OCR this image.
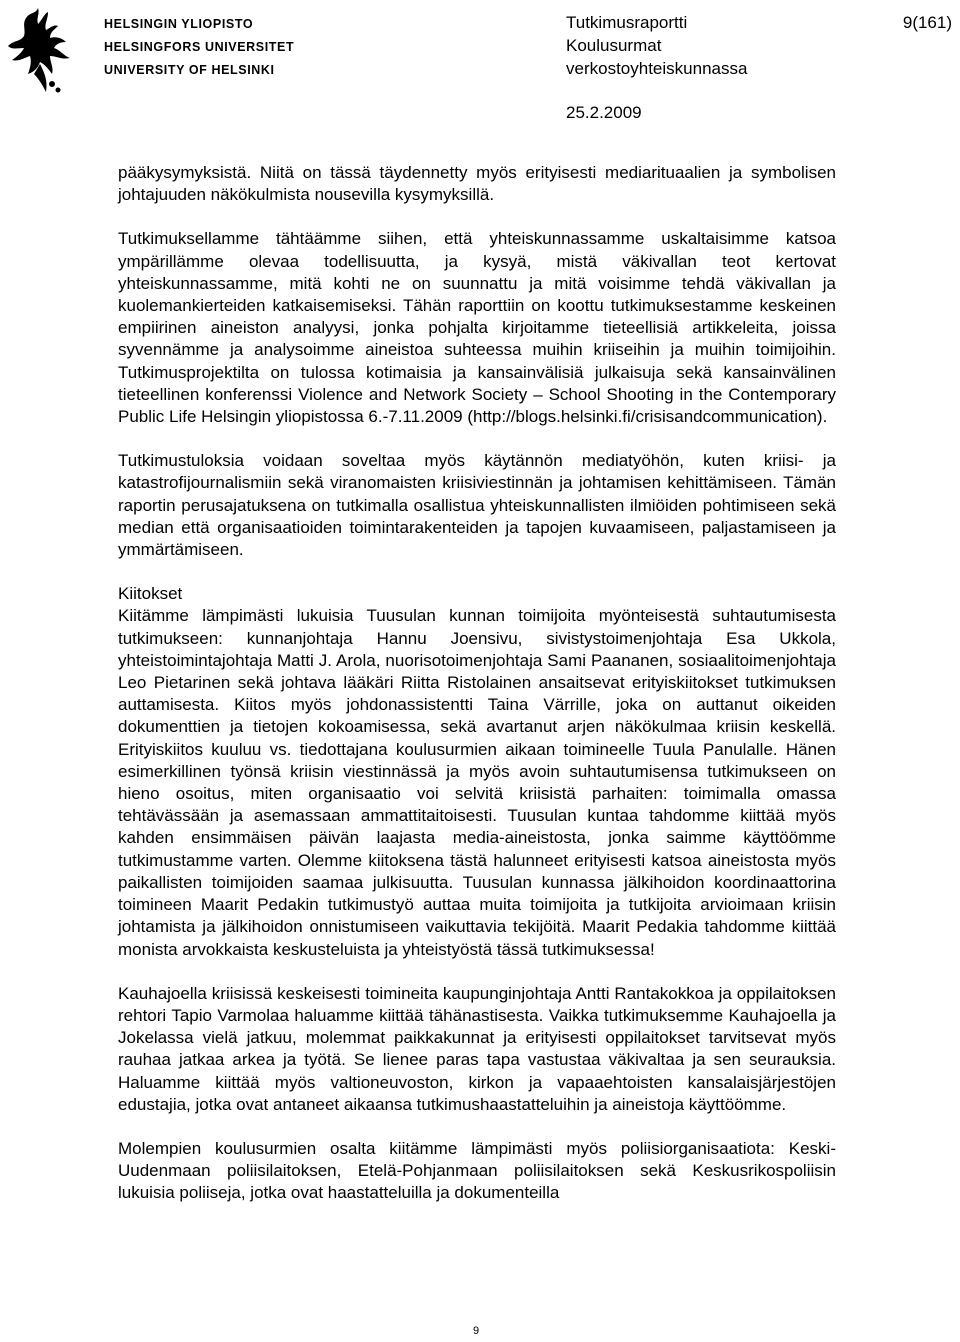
HELSINGIN YLIOPISTO
HELSINGFORS UNIVERSITET
UNIVERSITY OF HELSINKI
Tutkimusraportti
Koulusurmat
verkostoyhteiskunnassa
25.2.2009
9(161)

pääkysymyksistä. Niitä on tässä täydennetty myös erityisesti mediarituaalien ja symbolisen johtajuuden näkökulmista nousevilla kysymyksillä.

Tutkimuksellamme tähtäämme siihen, että yhteiskunnassamme uskaltaisimme katsoa ympärillämme olevaa todellisuutta, ja kysyä, mistä väkivallan teot kertovat yhteiskunnassamme, mitä kohti ne on suunnattu ja mitä voisimme tehdä väkivallan ja kuolemankierteiden katkaisemiseksi. Tähän raporttiin on koottu tutkimuksestamme keskeinen empiirinen aineiston analyysi, jonka pohjalta kirjoitamme tieteellisiä artikkeleita, joissa syvennämme ja analysoimme aineistoa suhteessa muihin kriiseihin ja muihin toimijoihin. Tutkimusprojektilta on tulossa kotimaisia ja kansainvälisiä julkaisuja sekä kansainvälinen tieteellinen konferenssi Violence and Network Society – School Shooting in the Contemporary Public Life Helsingin yliopistossa 6.-7.11.2009 (http://blogs.helsinki.fi/crisisandcommunication).

Tutkimustuloksia voidaan soveltaa myös käytännön mediatyöhön, kuten kriisi- ja katastrofijournalismiin sekä viranomaisten kriisiviestinnän ja johtamisen kehittämiseen. Tämän raportin perusajatuksena on tutkimalla osallistua yhteiskunnallisten ilmiöiden pohtimiseen sekä median että organisaatioiden toimintarakenteiden ja tapojen kuvaamiseen, paljastamiseen ja ymmärtämiseen.

Kiitokset

Kiitämme lämpimästi lukuisia Tuusulan kunnan toimijoita myönteisestä suhtautumisesta tutkimukseen: kunnanjohtaja Hannu Joensivu, sivistystoimenjohtaja Esa Ukkola, yhteistoimintajohtaja Matti J. Arola, nuorisotoimenjohtaja Sami Paananen, sosiaalitoimenjohtaja Leo Pietarinen sekä johtava lääkäri Riitta Ristolainen ansaitsevat erityiskiitokset tutkimuksen auttamisesta. Kiitos myös johdonassistentti Taina Värrille, joka on auttanut oikeiden dokumenttien ja tietojen kokoamisessa, sekä avartanut arjen näkökulmaa kriisin keskellä. Erityiskiitos kuuluu vs. tiedottajana koulusurmien aikaan toimineelle Tuula Panulalle. Hänen esimerkillinen työnsä kriisin viestinnässä ja myös avoin suhtautumisensa tutkimukseen on hieno osoitus, miten organisaatio voi selvitä kriisistä parhaiten: toimimalla omassa tehtävässään ja asemassaan ammattitaitoisesti. Tuusulan kuntaa tahdomme kiittää myös kahden ensimmäisen päivän laajasta media-aineistosta, jonka saimme käyttöömme tutkimustamme varten. Olemme kiitoksena tästä halunneet erityisesti katsoa aineistosta myös paikallisten toimijoiden saamaa julkisuutta. Tuusulan kunnassa jälkihoidon koordinaattorina toimineen Maarit Pedakin tutkimustyö auttaa muita toimijoita ja tutkijoita arvioimaan kriisin johtamista ja jälkihoidon onnistumiseen vaikuttavia tekijöitä. Maarit Pedakia tahdomme kiittää monista arvokkaista keskusteluista ja yhteistyöstä tässä tutkimuksessa!

Kauhajoella kriisissä keskeisesti toimineita kaupunginjohtaja Antti Rantakokkoa ja oppilaitoksen rehtori Tapio Varmolaa haluamme kiittää tähänastisesta. Vaikka tutkimuksemme Kauhajoella ja Jokelassa vielä jatkuu, molemmat paikkakunnat ja erityisesti oppilaitokset tarvitsevat myös rauhaa jatkaa arkea ja työtä. Se lienee paras tapa vastustaa väkivaltaa ja sen seurauksia. Haluamme kiittää myös valtioneuvoston, kirkon ja vapaaehtoisten kansalaisjärjestöjen edustajia, jotka ovat antaneet aikaansa tutkimushaastatteluihin ja aineistoja käyttöömme.

Molempien koulusurmien osalta kiitämme lämpimästi myös poliisiorganisaatiota: Keski-Uudenmaan poliisilaitoksen, Etelä-Pohjanmaan poliisilaitoksen sekä Keskusrikospoliisin lukuisia poliiseja, jotka ovat haastatteluilla ja dokumenteilla

9
